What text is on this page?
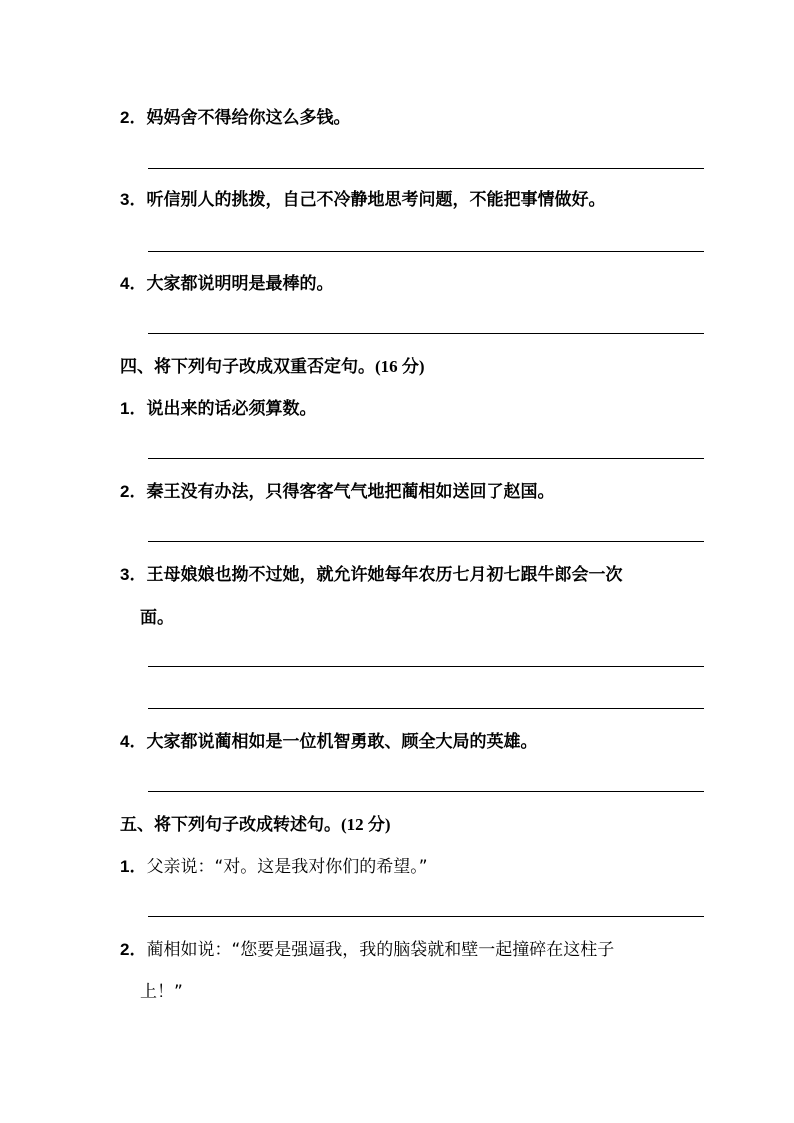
2．妈妈舍不得给你这么多钱。
3．听信别人的挑拨，自己不冷静地思考问题，不能把事情做好。
4．大家都说明明是最棒的。
四、将下列句子改成双重否定句。(16 分)
1．说出来的话必须算数。
2．秦王没有办法，只得客客气气地把蔺相如送回了赵国。
3．王母娘娘也拗不过她，就允许她每年农历七月初七跟牛郎会一次
面。
4．大家都说蔺相如是一位机智勇敢、顾全大局的英雄。
五、将下列句子改成转述句。(12 分)
1．父亲说：“对。这是我对你们的希望。”
2．蔺相如说：“您要是强逼我，我的脑袋就和壁一起撞碎在这柱子
上！”
